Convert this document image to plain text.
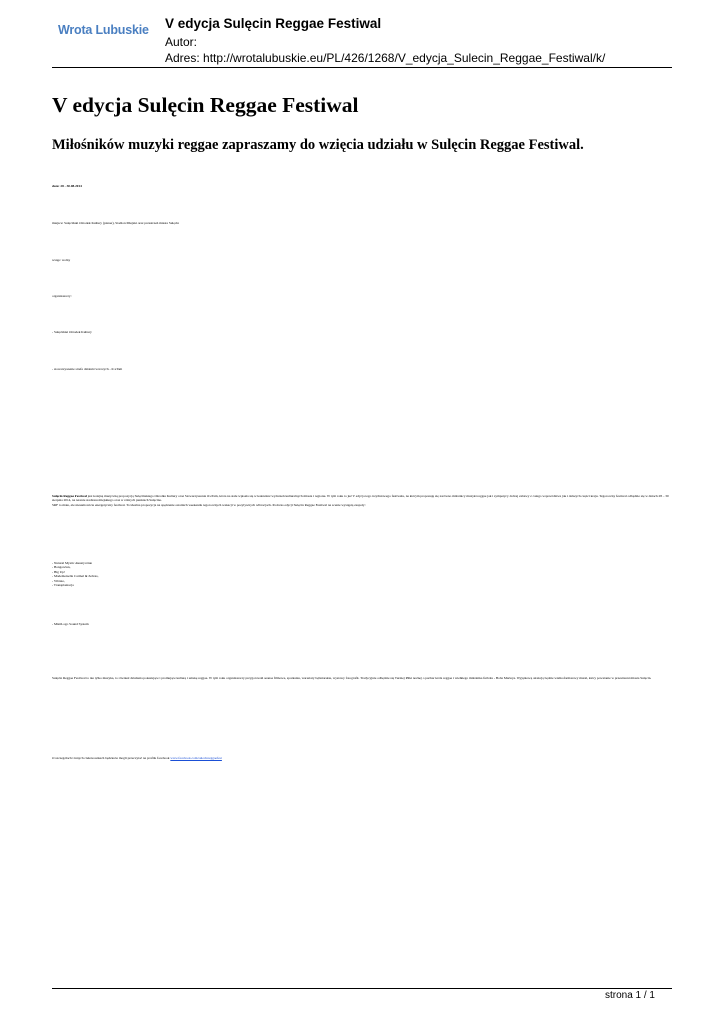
Wrota Lubuskie V edycja Sulęcin Reggae Festiwal
Autor:
Adres: http://wrotalubuskie.eu/PL/426/1268/V_edycja_Sulecin_Reggae_Festiwal/k/
V edycja Sulęcin Reggae Festiwal
Miłośników muzyki reggae zapraszamy do wzięcia udziału w Sulęcin Reggae Festiwal.
data: 28 - 30.08.2014
miejsce: Sulęciński Ośrodek Kultury (plener), Stadion Miejski oraz przestrzeń miasta Sulęcin
wstęp: wolny
organizatorzy:
- Sulęciński Ośrodek Kultury
- stowarzyszenie strefa działań twórczych - iCeTam
Sulęcin Reggae Festiwal jest kolejną muzyczną propozycją Sulęcińskiego Ośrodka Kultury oraz Stowarzyszenia iCeTam, która na stałe wpisała się w kalendarz wydarzeń kulturalnych miasta i regionu. W tym roku to już V edycja tego trzydniowego festiwalu, na którym proponuję się zarówno miłośnicy muzyki reggae jak i sympatycy dobrej zabawy z całego województwa jak i dalszych części kraju. Tegoroczny festiwal odbędzie się w dniach 28 – 30 sierpnia 2014, na terenie stadionu miejskiego oraz w różnych punktach Sulęcina.
SRF to małe, ale niesamowicie energetyczny festiwal. To idealna propozycja na spędzenie ostatnich weekendu tegorocznych wakacji w pozytywnych wibracjach. Podczas edycji Sulęcin Reggae Festiwal na scenie wystąpią zespoły:
- Natural Mystic Akustycznie
- Bongowian,
- Big Up!
- Mademoiselle Carmel & Zebras,
- Vibrate,
- Transplantacja
- MistiLogo Sound System
Sulęcin Reggae Festiwal to nie tylko muzyka, to również działania pokazujące i promujące kulturę i sztukę reggae. W tym roku organizatorzy przygotowali seanse filmowe, spotkania, warsztaty bębniarskie, wystawy fotografii. Tradycyjnie odbędzie się Turniej Piłki nożnej o puchar króla reggae i wielkiego miłośnika futbolu - Boba Marleya. Wyjątkową atrakcją będzie wielkoformatowy mural, który powstanie w przestrzeni miasta Sulęcin.
O szczegółach i innych ciekawostkach będziecie mogli przeczytać na profilu facebook www.facebook.com/sulecinreggaefest
strona 1 / 1
